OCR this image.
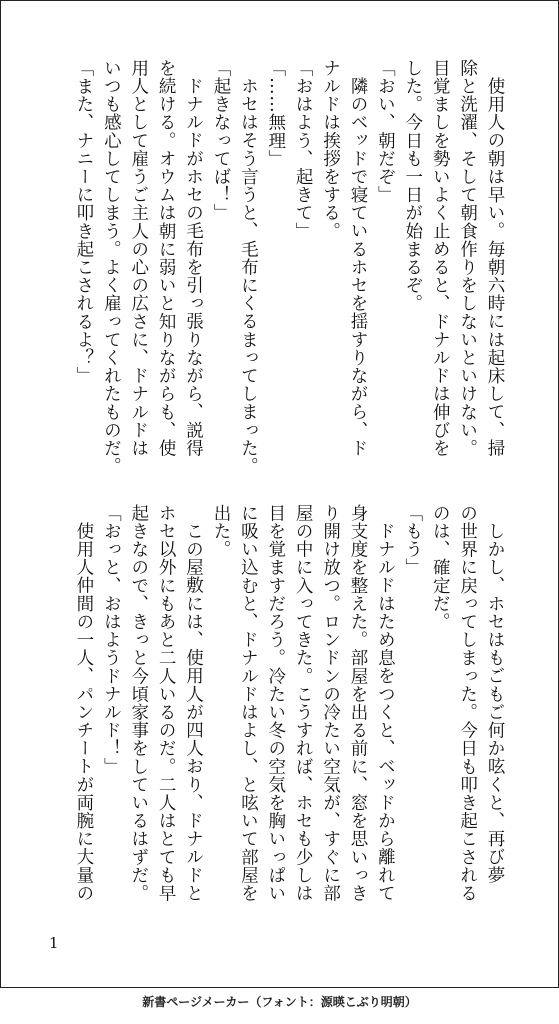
使用人の朝は早い。毎朝六時には起床して、掃
除と洗濯、そして朝食作りをしないといけない。
目覚ましを勢いよく止めると、ドナルドは伸びを
した。今日も一日が始まるぞ。
「おい、朝だぞ」
隣のベッドで寝ているホセを揺すりながら、ド
ナルドは挨拶をする。
「おはよう、起きて」
「……無理」
ホセはそう言うと、毛布にくるまってしまった。
「起きなってば！」
ドナルドがホセの毛布を引っ張りながら、説得
を続ける。オウムは朝に弱いと知りながらも、使
用人として雇うご主人の心の広さに、ドナルドは
いつも感心してしまう。よく雇ってくれたものだ。
「また、ナニーに叩き起こされるよ？」
しかし、ホセはもごもご何か呟くと、再び夢
の世界に戻ってしまった。今日も叩き起こされる
のは、確定だ。
「もう」
ドナルドはため息をつくと、ベッドから離れて
身支度を整えた。部屋を出る前に、窓を思いっき
り開け放つ。ロンドンの冷たい空気が、すぐに部
屋の中に入ってきた。こうすれば、ホセも少しは
目を覚ますだろう。冷たい冬の空気を胸いっぱい
に吸い込むと、ドナルドはよし、と呟いて部屋を
出た。
この屋敷には、使用人が四人おり、ドナルドと
ホセ以外にもあと二人いるのだ。二人はとても早
起きなので、きっと今頃家事をしているはずだ。
「おっと、おはようドナルド！」
使用人仲間の一人、パンチートが両腕に大量の
1
新書ページメーカー（フォント：源暎こぶり明朝）
